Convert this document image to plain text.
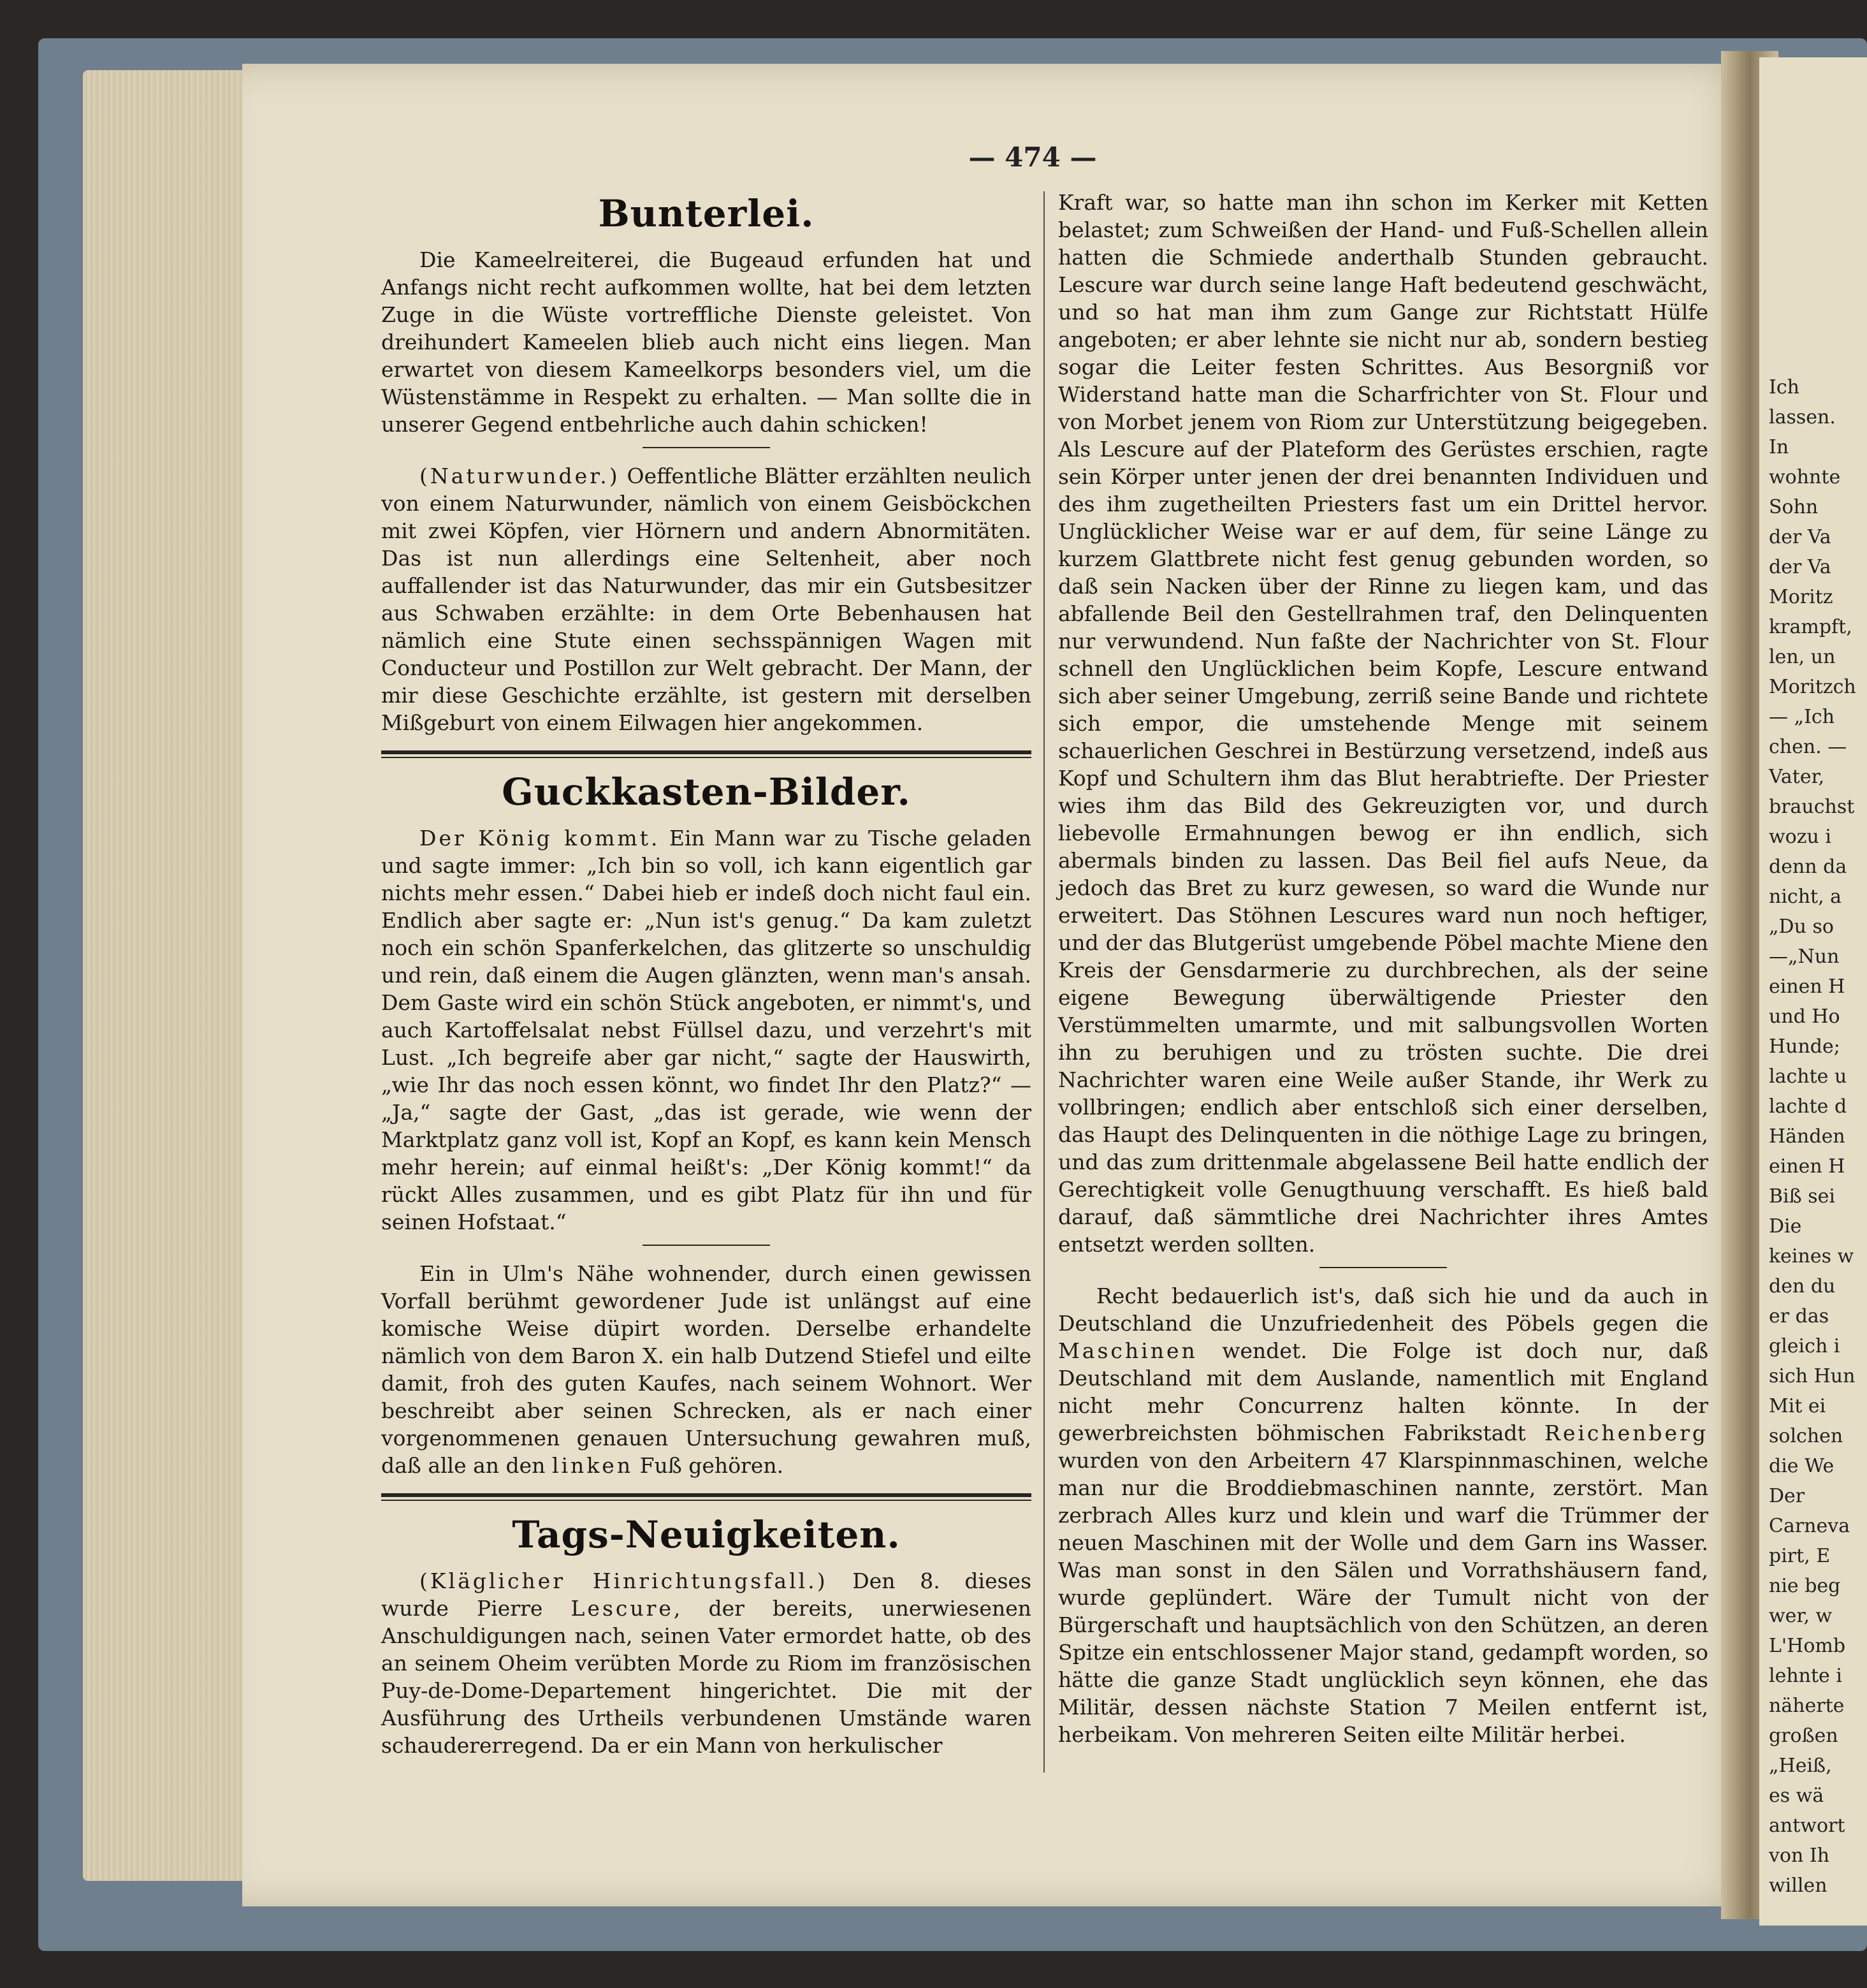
Ich
lassen.
In
wohnte
Sohn
der Va
der Va
Moritz
krampft,
len, un
Moritzch
— „Ich
chen. —
Vater,
brauchst
wozu i
denn da
nicht, a
„Du so
—„Nun
einen H
und Ho
Hunde;
lachte u
lachte d
Händen
einen H
Biß sei
Die
keines w
den du
er das
gleich i
sich Hun
Mit ei
solchen
die We
Der
Carneva
pirt, E
nie beg
wer, w
L'Homb
lehnte i
näherte
großen
„Heiß,
es wä
antwort
von Ih
willen
— 474 —
Bunterlei.

Die Kameelreiterei, die Bugeaud erfunden hat und Anfangs nicht recht aufkommen wollte, hat bei dem letzten Zuge in die Wüste vortreffliche Dienste geleistet. Von dreihundert Kameelen blieb auch nicht eins liegen. Man erwartet von diesem Kameelkorps besonders viel, um die Wüstenstämme in Respekt zu erhalten. — Man sollte die in unserer Gegend entbehrliche auch dahin schicken!

(Naturwunder.) Oeffentliche Blätter erzählten neulich von einem Naturwunder, nämlich von einem Geisböckchen mit zwei Köpfen, vier Hörnern und andern Abnormitäten. Das ist nun allerdings eine Seltenheit, aber noch auffallender ist das Naturwunder, das mir ein Gutsbesitzer aus Schwaben erzählte: in dem Orte Bebenhausen hat nämlich eine Stute einen sechsspännigen Wagen mit Conducteur und Postillon zur Welt gebracht. Der Mann, der mir diese Geschichte erzählte, ist gestern mit derselben Mißgeburt von einem Eilwagen hier angekommen.

Guckkasten-Bilder.

Der König kommt. Ein Mann war zu Tische geladen und sagte immer: „Ich bin so voll, ich kann eigentlich gar nichts mehr essen.“ Dabei hieb er indeß doch nicht faul ein. Endlich aber sagte er: „Nun ist's genug.“ Da kam zuletzt noch ein schön Spanferkelchen, das glitzerte so unschuldig und rein, daß einem die Augen glänzten, wenn man's ansah. Dem Gaste wird ein schön Stück angeboten, er nimmt's, und auch Kartoffelsalat nebst Füllsel dazu, und verzehrt's mit Lust. „Ich begreife aber gar nicht,“ sagte der Hauswirth, „wie Ihr das noch essen könnt, wo findet Ihr den Platz?“ — „Ja,“ sagte der Gast, „das ist gerade, wie wenn der Marktplatz ganz voll ist, Kopf an Kopf, es kann kein Mensch mehr herein; auf einmal heißt's: „Der König kommt!“ da rückt Alles zusammen, und es gibt Platz für ihn und für seinen Hofstaat.“

Ein in Ulm's Nähe wohnender, durch einen gewissen Vorfall berühmt gewordener Jude ist unlängst auf eine komische Weise düpirt worden. Derselbe erhandelte nämlich von dem Baron X. ein halb Dutzend Stiefel und eilte damit, froh des guten Kaufes, nach seinem Wohnort. Wer beschreibt aber seinen Schrecken, als er nach einer vorgenommenen genauen Untersuchung gewahren muß, daß alle an den linken Fuß gehören.

Tags-Neuigkeiten.

(Kläglicher Hinrichtungsfall.) Den 8. dieses wurde Pierre Lescure, der bereits, unerwiesenen Anschuldigungen nach, seinen Vater ermordet hatte, ob des an seinem Oheim verübten Morde zu Riom im französischen Puy-de-Dome-Departement hingerichtet. Die mit der Ausführung des Urtheils verbundenen Umstände waren schaudererregend. Da er ein Mann von herkulischer

Kraft war, so hatte man ihn schon im Kerker mit Ketten belastet; zum Schweißen der Hand- und Fuß-Schellen allein hatten die Schmiede anderthalb Stunden gebraucht. Lescure war durch seine lange Haft bedeutend geschwächt, und so hat man ihm zum Gange zur Richtstatt Hülfe angeboten; er aber lehnte sie nicht nur ab, sondern bestieg sogar die Leiter festen Schrittes. Aus Besorgniß vor Widerstand hatte man die Scharfrichter von St. Flour und von Morbet jenem von Riom zur Unterstützung beigegeben. Als Lescure auf der Plateform des Gerüstes erschien, ragte sein Körper unter jenen der drei benannten Individuen und des ihm zugetheilten Priesters fast um ein Drittel hervor. Unglücklicher Weise war er auf dem, für seine Länge zu kurzem Glattbrete nicht fest genug gebunden worden, so daß sein Nacken über der Rinne zu liegen kam, und das abfallende Beil den Gestellrahmen traf, den Delinquenten nur verwundend. Nun faßte der Nachrichter von St. Flour schnell den Unglücklichen beim Kopfe, Lescure entwand sich aber seiner Umgebung, zerriß seine Bande und richtete sich empor, die umstehende Menge mit seinem schauerlichen Geschrei in Bestürzung versetzend, indeß aus Kopf und Schultern ihm das Blut herabtriefte. Der Priester wies ihm das Bild des Gekreuzigten vor, und durch liebevolle Ermahnungen bewog er ihn endlich, sich abermals binden zu lassen. Das Beil fiel aufs Neue, da jedoch das Bret zu kurz gewesen, so ward die Wunde nur erweitert. Das Stöhnen Lescures ward nun noch heftiger, und der das Blutgerüst umgebende Pöbel machte Miene den Kreis der Gensdarmerie zu durchbrechen, als der seine eigene Bewegung überwältigende Priester den Verstümmelten umarmte, und mit salbungsvollen Worten ihn zu beruhigen und zu trösten suchte. Die drei Nachrichter waren eine Weile außer Stande, ihr Werk zu vollbringen; endlich aber entschloß sich einer derselben, das Haupt des Delinquenten in die nöthige Lage zu bringen, und das zum drittenmale abgelassene Beil hatte endlich der Gerechtigkeit volle Genugthuung verschafft. Es hieß bald darauf, daß sämmtliche drei Nachrichter ihres Amtes entsetzt werden sollten.

Recht bedauerlich ist's, daß sich hie und da auch in Deutschland die Unzufriedenheit des Pöbels gegen die Maschinen wendet. Die Folge ist doch nur, daß Deutschland mit dem Auslande, namentlich mit England nicht mehr Concurrenz halten könnte. In der gewerbreichsten böhmischen Fabrikstadt Reichenberg wurden von den Arbeitern 47 Klarspinnmaschinen, welche man nur die Broddiebmaschinen nannte, zerstört. Man zerbrach Alles kurz und klein und warf die Trümmer der neuen Maschinen mit der Wolle und dem Garn ins Wasser. Was man sonst in den Sälen und Vorrathshäusern fand, wurde geplündert. Wäre der Tumult nicht von der Bürgerschaft und hauptsächlich von den Schützen, an deren Spitze ein entschlossener Major stand, gedampft worden, so hätte die ganze Stadt unglücklich seyn können, ehe das Militär, dessen nächste Station 7 Meilen entfernt ist, herbeikam. Von mehreren Seiten eilte Militär herbei.
